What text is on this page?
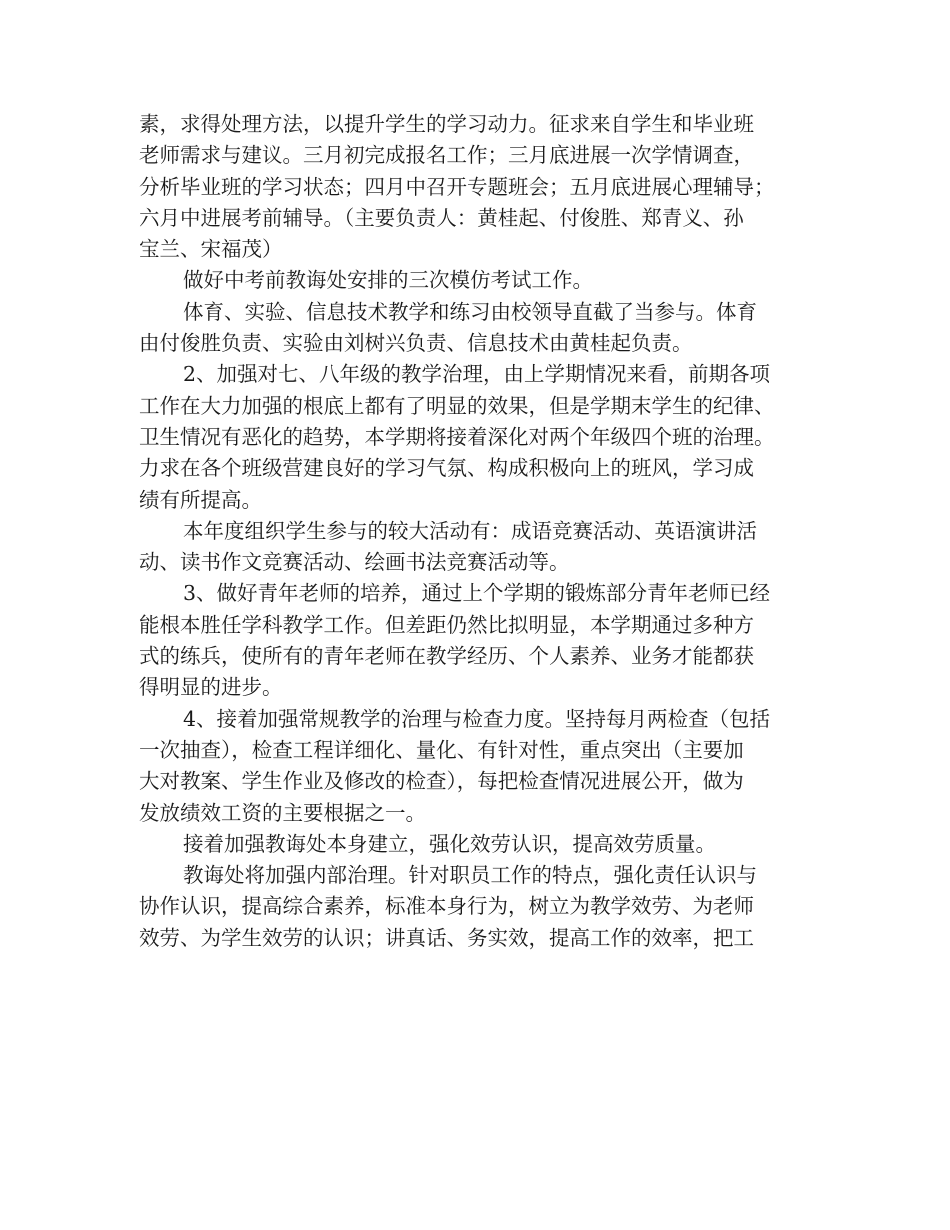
素，求得处理方法，以提升学生的学习动力。征求来自学生和毕业班
老师需求与建议。三月初完成报名工作；三月底进展一次学情调查，
分析毕业班的学习状态；四月中召开专题班会；五月底进展心理辅导；
六月中进展考前辅导。（主要负责人：黄桂起、付俊胜、郑青义、孙
宝兰、宋福茂）
做好中考前教诲处安排的三次模仿考试工作。
体育、实验、信息技术教学和练习由校领导直截了当参与。体育
由付俊胜负责、实验由刘树兴负责、信息技术由黄桂起负责。
2、加强对七、八年级的教学治理，由上学期情况来看，前期各项
工作在大力加强的根底上都有了明显的效果，但是学期末学生的纪律、
卫生情况有恶化的趋势，本学期将接着深化对两个年级四个班的治理。
力求在各个班级营建良好的学习气氛、构成积极向上的班风，学习成
绩有所提高。
本年度组织学生参与的较大活动有：成语竞赛活动、英语演讲活
动、读书作文竞赛活动、绘画书法竞赛活动等。
3、做好青年老师的培养，通过上个学期的锻炼部分青年老师已经
能根本胜任学科教学工作。但差距仍然比拟明显，本学期通过多种方
式的练兵，使所有的青年老师在教学经历、个人素养、业务才能都获
得明显的进步。
4、接着加强常规教学的治理与检查力度。坚持每月两检查（包括
一次抽查），检查工程详细化、量化、有针对性，重点突出（主要加
大对教案、学生作业及修改的检查），每把检查情况进展公开，做为
发放绩效工资的主要根据之一。
接着加强教诲处本身建立，强化效劳认识，提高效劳质量。
教诲处将加强内部治理。针对职员工作的特点，强化责任认识与
协作认识，提高综合素养，标准本身行为，树立为教学效劳、为老师
效劳、为学生效劳的认识；讲真话、务实效，提高工作的效率，把工
